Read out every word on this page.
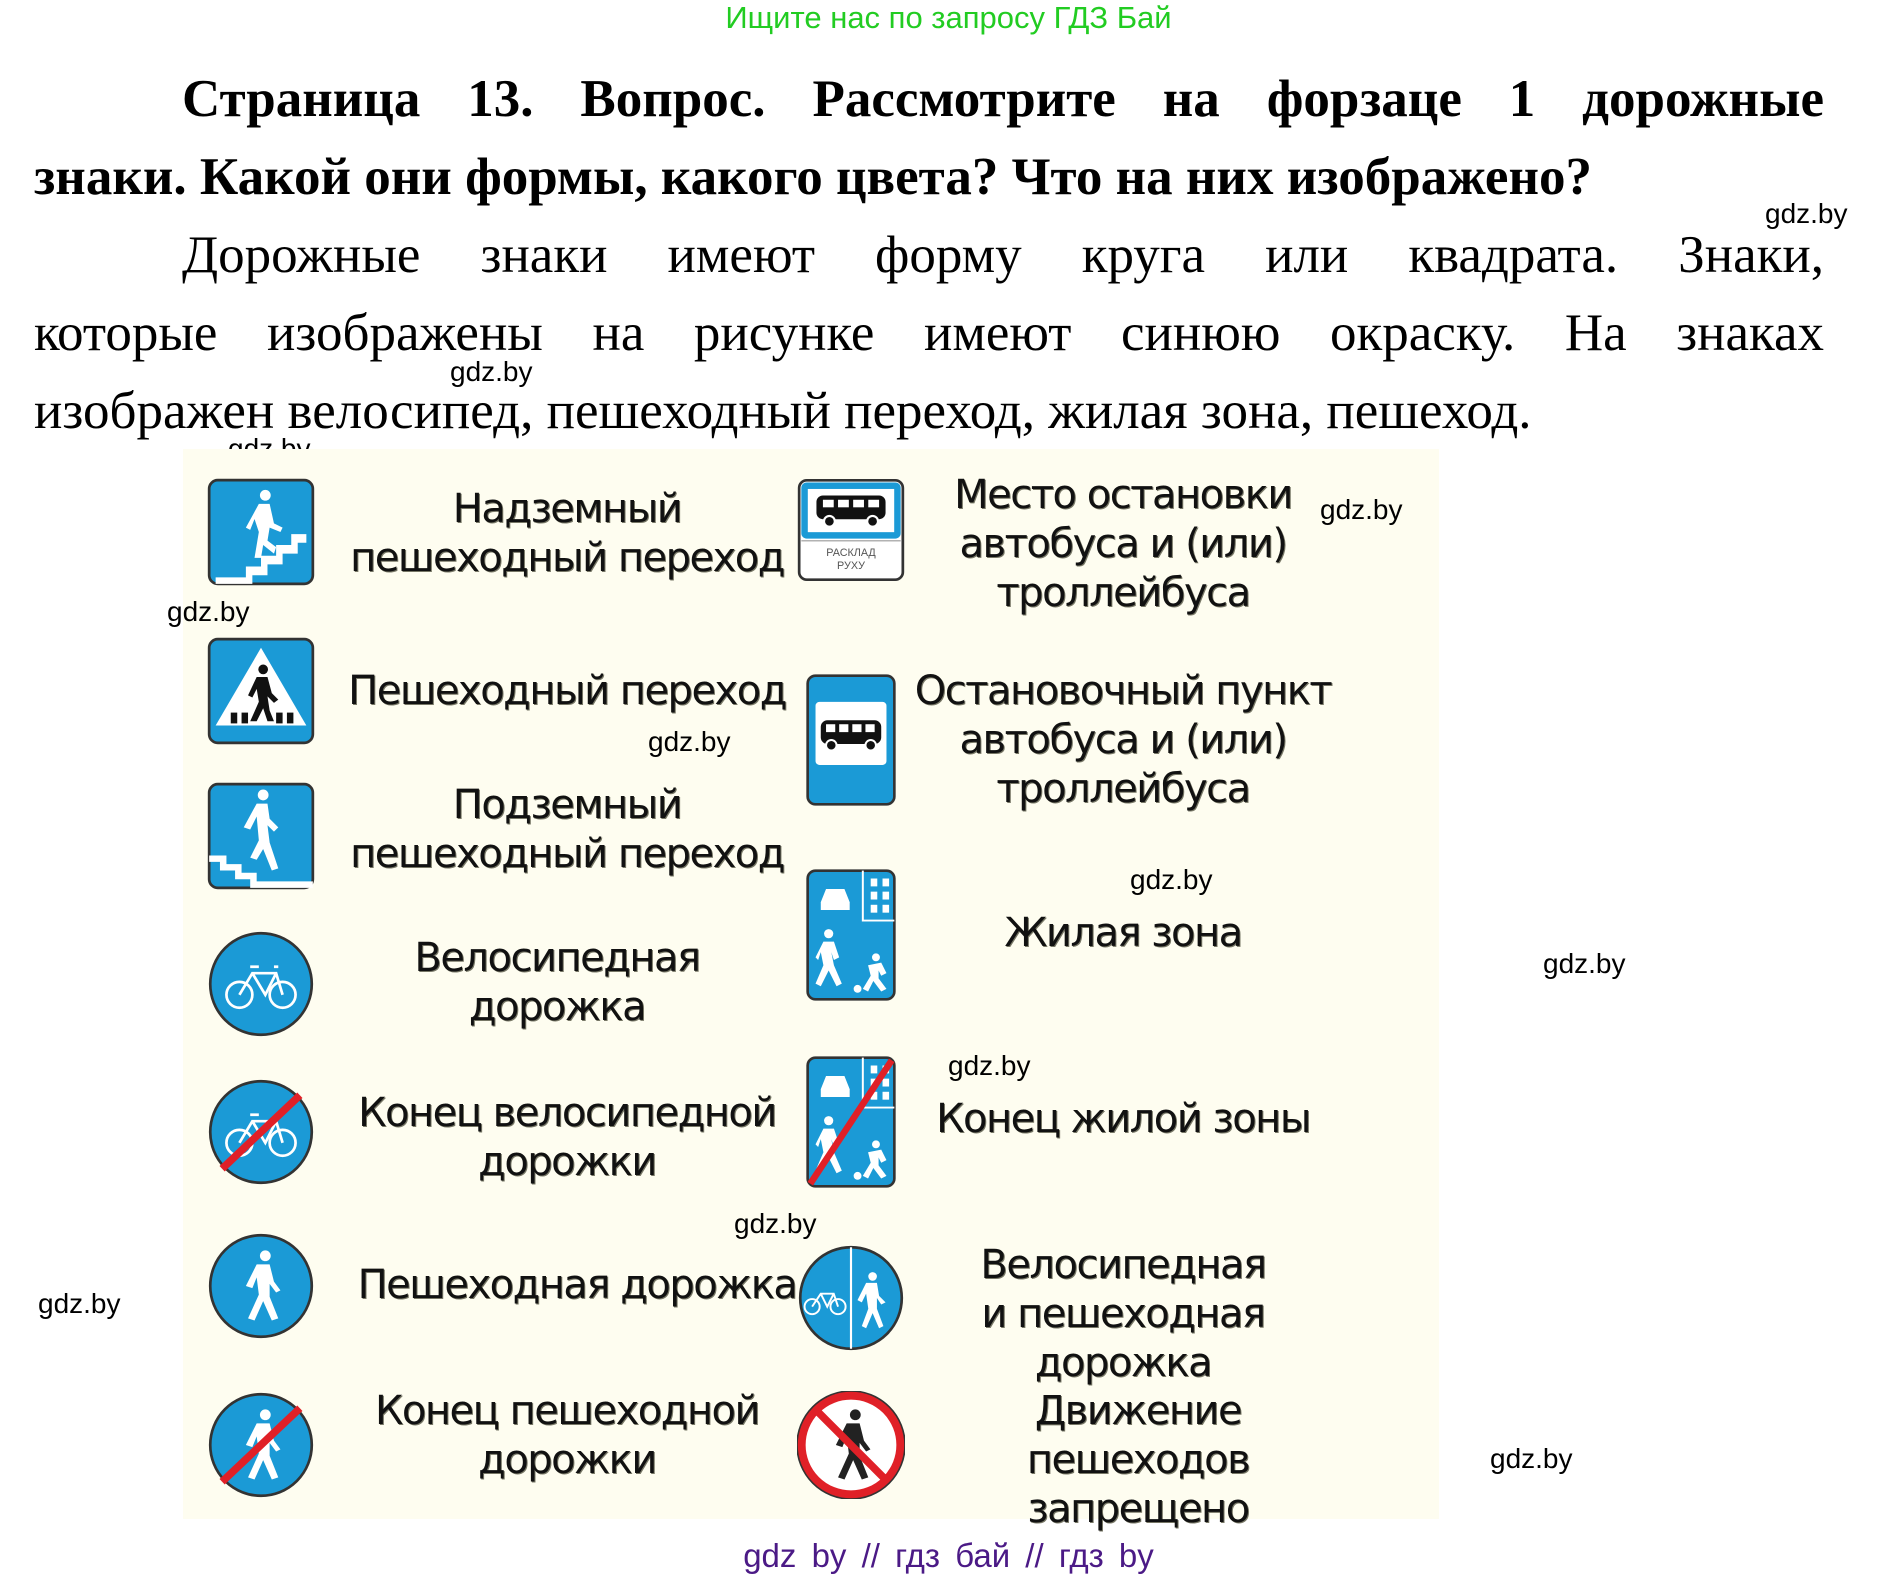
Ищите нас по запросу ГДЗ Бай
Страница 13. Вопрос. Рассмотрите на форзаце 1 дорожные
знаки. Какой они формы, какого цвета? Что на них изображено?
Дорожные знаки имеют форму круга или квадрата. Знаки,
которые изображены на рисунке имеют синюю окраску. На знаках
изображен велосипед, пешеходный переход, жилая зона, пешеход.
gdz.by
gdz.by
Надземный
пешеходный переход
Пешеходный переход
Подземный
пешеходный переход
Велосипедная
дорожка
Конец велосипедной
дорожки
Пешеходная дорожка
Конец пешеходной
дорожки
РАСКЛАД
РУХУ
Место остановки
автобуса и (или)
троллейбуса
Остановочный пункт
автобуса и (или)
троллейбуса
Жилая зона
Конец жилой зоны
Велосипедная
и пешеходная дорожка
Движение
пешеходов запрещено
gdz.by
gdz.by
gdz.by
gdz.by
gdz.by
gdz.by
gdz.by
gdz.by
gdz.by
gdz by // гдз бай // гдз by
